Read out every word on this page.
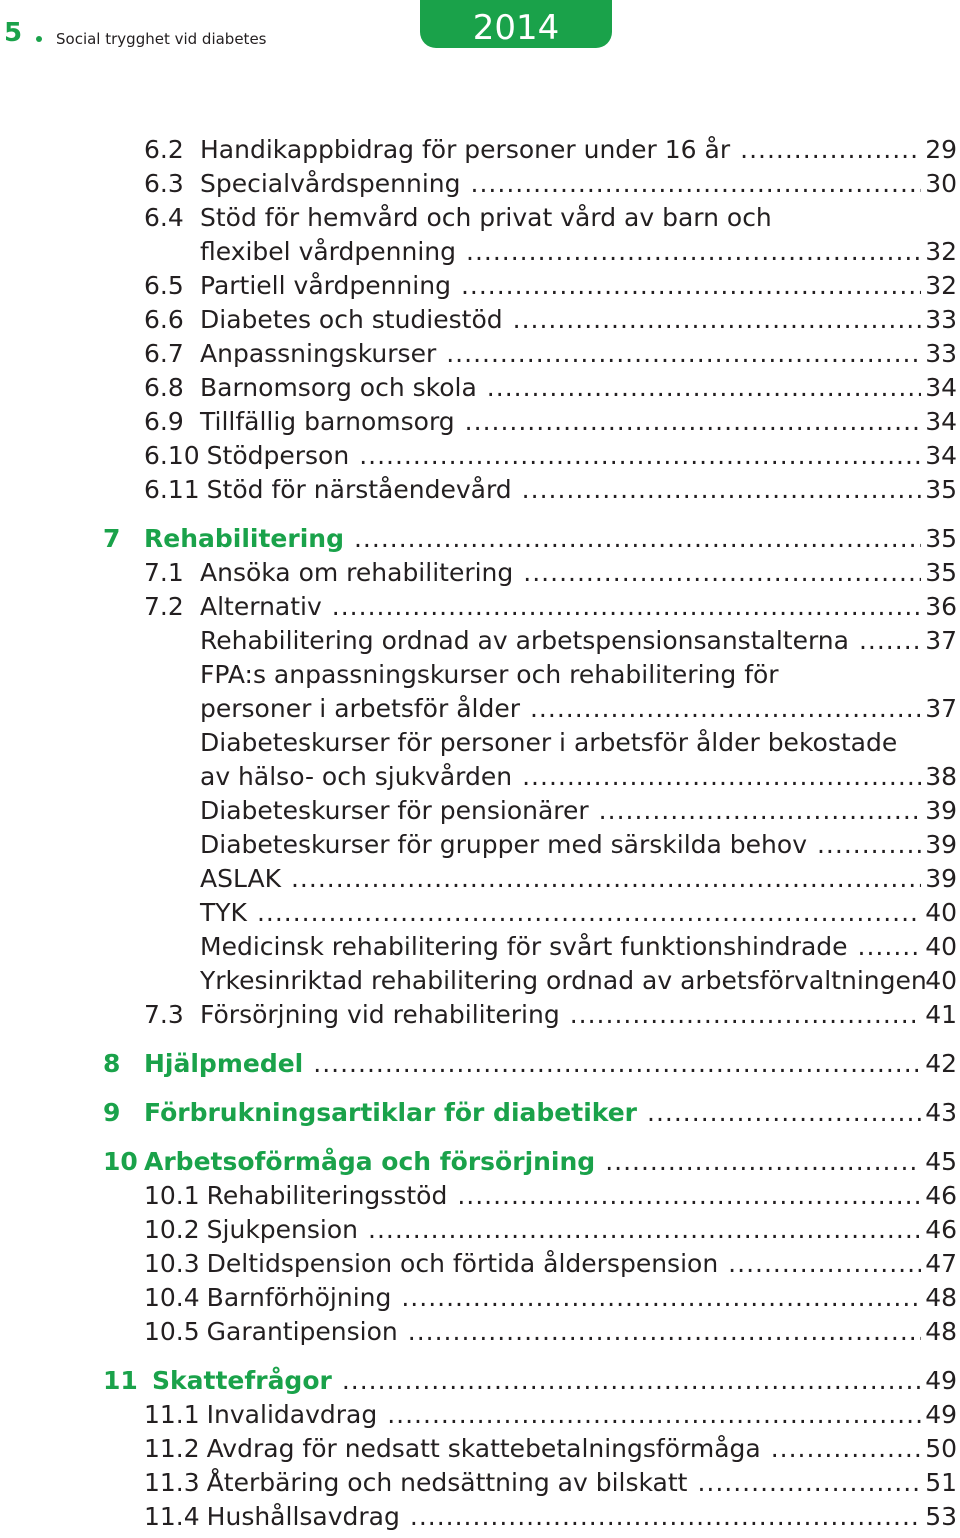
5 Social trygghet vid diabetes	2014
6.2 Handikappbidrag för personer under 16 år	29
.....
6.3 Specialvårdspenning	30
.....
6.4 Stöd för hemvård och privat vård av barn och
flexibel vårdpenning	32
.....
6.5 Partiell vårdpenning	32
.....
6.6 Diabetes och studiestöd	33
.....
6.7 Anpassningskurser	33
.....
6.8 Barnomsorg och skola	34
.....
6.9 Tillfällig barnomsorg	34
.....
6.10 Stödperson	34
.....
6.11 Stöd för närståendevård	35
.....
7 Rehabilitering	35
.....
7.1 Ansöka om rehabilitering	35
.....
7.2 Alternativ	36
.....
Rehabilitering ordnad av arbetspensionsanstalterna	37
.....
FPA:s anpassningskurser och rehabilitering för
personer i arbetsför ålder	37
.....
Diabeteskurser för personer i arbetsför ålder bekostade
av hälso- och sjukvården	38
.....
Diabeteskurser för pensionärer	39
.....
Diabeteskurser för grupper med särskilda behov	39
.....
ASLAK	39
.....
TYK	40
.....
Medicinsk rehabilitering för svårt funktionshindrade	40
.....
Yrkesinriktad rehabilitering ordnad av arbetsförvaltningen
40
7.3 Försörjning vid rehabilitering	41
.....
8 Hjälpmedel	42
.....
9 Förbrukningsartiklar för diabetiker	43
.....
10 Arbetsoförmåga och försörjning	45
.....
10.1 Rehabiliteringsstöd	46
.....
10.2 Sjukpension	46
.....
10.3 Deltidspension och förtida ålderspension	47
.....
10.4 Barnförhöjning	48
.....
10.5 Garantipension	48
.....
11 Skattefrågor	49
.....
11.1 Invalidavdrag	49
.....
11.2 Avdrag för nedsatt skattebetalningsförmåga	50
.....
11.3 Återbäring och nedsättning av bilskatt	51
.....
11.4 Hushållsavdrag	53
.....
